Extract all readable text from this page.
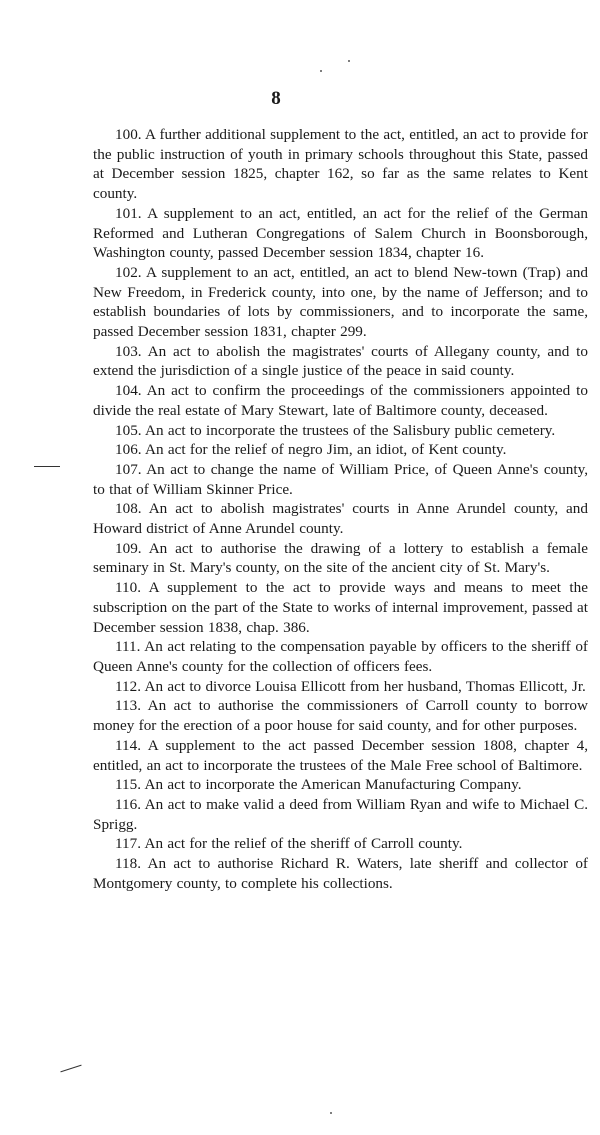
8

100. A further additional supplement to the act, entitled, an act to provide for the public instruction of youth in primary schools throughout this State, passed at December session 1825, chapter 162, so far as the same relates to Kent county.

101. A supplement to an act, entitled, an act for the relief of the German Reformed and Lutheran Congregations of Salem Church in Boonsborough, Washington county, passed December session 1834, chapter 16.

102. A supplement to an act, entitled, an act to blend New-town (Trap) and New Freedom, in Frederick county, into one, by the name of Jefferson; and to establish boundaries of lots by commissioners, and to incorporate the same, passed December session 1831, chapter 299.

103. An act to abolish the magistrates' courts of Allegany county, and to extend the jurisdiction of a single justice of the peace in said county.

104. An act to confirm the proceedings of the commissioners appointed to divide the real estate of Mary Stewart, late of Baltimore county, deceased.

105. An act to incorporate the trustees of the Salisbury public cemetery.

106. An act for the relief of negro Jim, an idiot, of Kent county.

107. An act to change the name of William Price, of Queen Anne's county, to that of William Skinner Price.

108. An act to abolish magistrates' courts in Anne Arundel county, and Howard district of Anne Arundel county.

109. An act to authorise the drawing of a lottery to establish a female seminary in St. Mary's county, on the site of the ancient city of St. Mary's.

110. A supplement to the act to provide ways and means to meet the subscription on the part of the State to works of internal improvement, passed at December session 1838, chap. 386.

111. An act relating to the compensation payable by officers to the sheriff of Queen Anne's county for the collection of officers fees.

112. An act to divorce Louisa Ellicott from her husband, Thomas Ellicott, Jr.

113. An act to authorise the commissioners of Carroll county to borrow money for the erection of a poor house for said county, and for other purposes.

114. A supplement to the act passed December session 1808, chapter 4, entitled, an act to incorporate the trustees of the Male Free school of Baltimore.

115. An act to incorporate the American Manufacturing Company.

116. An act to make valid a deed from William Ryan and wife to Michael C. Sprigg.

117. An act for the relief of the sheriff of Carroll county.

118. An act to authorise Richard R. Waters, late sheriff and collector of Montgomery county, to complete his collections.
